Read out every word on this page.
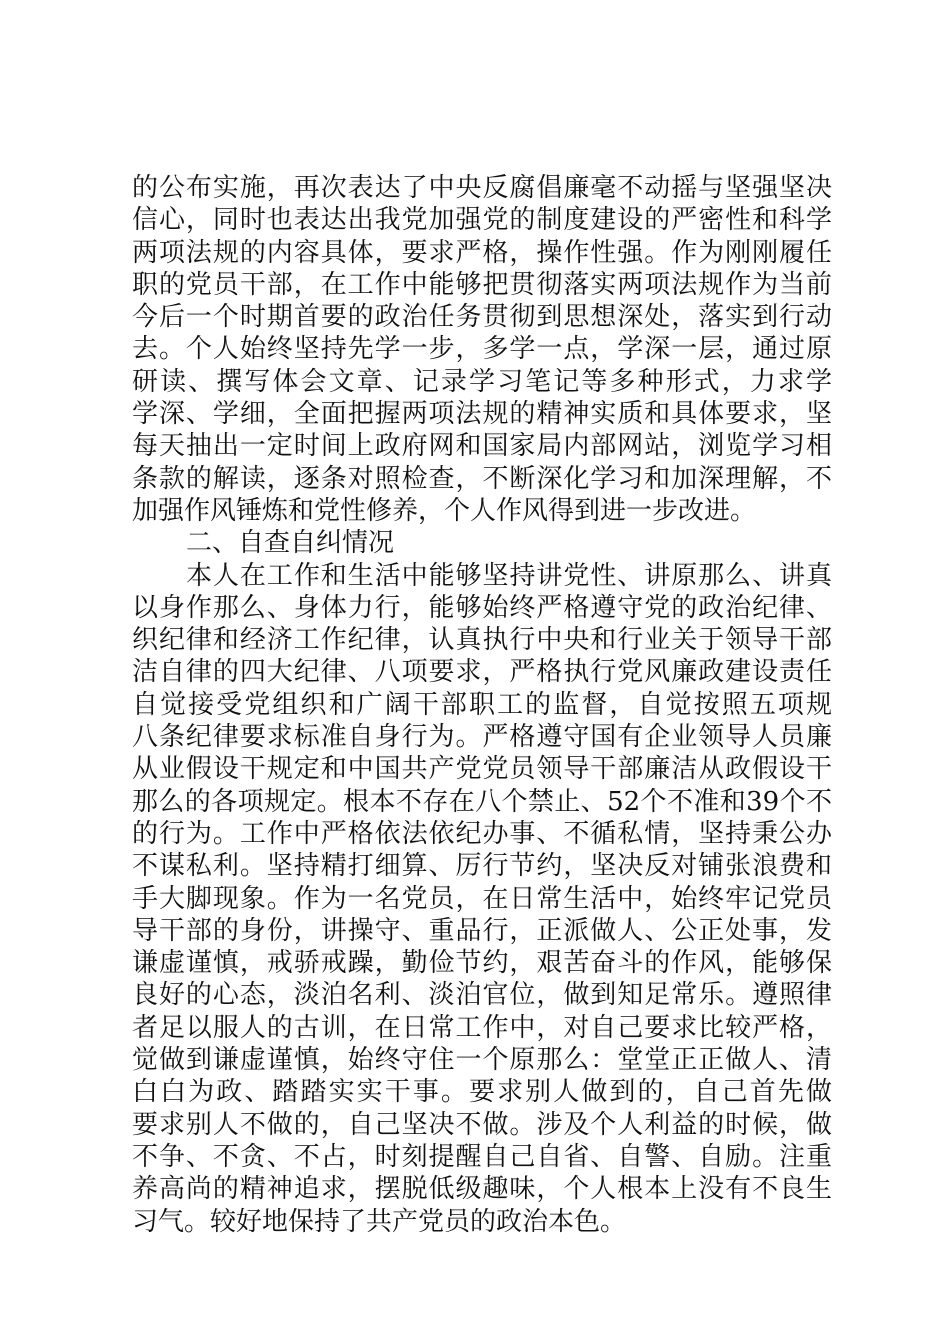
的公布实施，再次表达了中央反腐倡廉毫不动摇与坚强坚决
信心，同时也表达出我党加强党的制度建设的严密性和科学
两项法规的内容具体，要求严格，操作性强。作为刚刚履任
职的党员干部，在工作中能够把贯彻落实两项法规作为当前
今后一个时期首要的政治任务贯彻到思想深处，落实到行动
去。个人始终坚持先学一步，多学一点，学深一层，通过原
研读、撰写体会文章、记录学习笔记等多种形式，力求学
学深、学细，全面把握两项法规的精神实质和具体要求，坚
每天抽出一定时间上政府网和国家局内部网站，浏览学习相
条款的解读，逐条对照检查，不断深化学习和加深理解，不
加强作风锤炼和党性修养，个人作风得到进一步改进。
二、自查自纠情况
本人在工作和生活中能够坚持讲党性、讲原那么、讲真
以身作那么、身体力行，能够始终严格遵守党的政治纪律、
织纪律和经济工作纪律，认真执行中央和行业关于领导干部
洁自律的四大纪律、八项要求，严格执行党风廉政建设责任
自觉接受党组织和广阔干部职工的监督，自觉按照五项规
八条纪律要求标准自身行为。严格遵守国有企业领导人员廉
从业假设干规定和中国共产党党员领导干部廉洁从政假设干
那么的各项规定。根本不存在八个禁止、52个不准和39个不
的行为。工作中严格依法依纪办事、不循私情，坚持秉公办
不谋私利。坚持精打细算、厉行节约，坚决反对铺张浪费和
手大脚现象。作为一名党员，在日常生活中，始终牢记党员
导干部的身份，讲操守、重品行，正派做人、公正处事，发
谦虚谨慎，戒骄戒躁，勤俭节约，艰苦奋斗的作风，能够保
良好的心态，淡泊名利、淡泊官位，做到知足常乐。遵照律
者足以服人的古训，在日常工作中，对自己要求比较严格，
觉做到谦虚谨慎，始终守住一个原那么：堂堂正正做人、清
白白为政、踏踏实实干事。要求别人做到的，自己首先做
要求别人不做的，自己坚决不做。涉及个人利益的时候，做
不争、不贪、不占，时刻提醒自己自省、自警、自励。注重
养高尚的精神追求，摆脱低级趣味，个人根本上没有不良生
习气。较好地保持了共产党员的政治本色。
